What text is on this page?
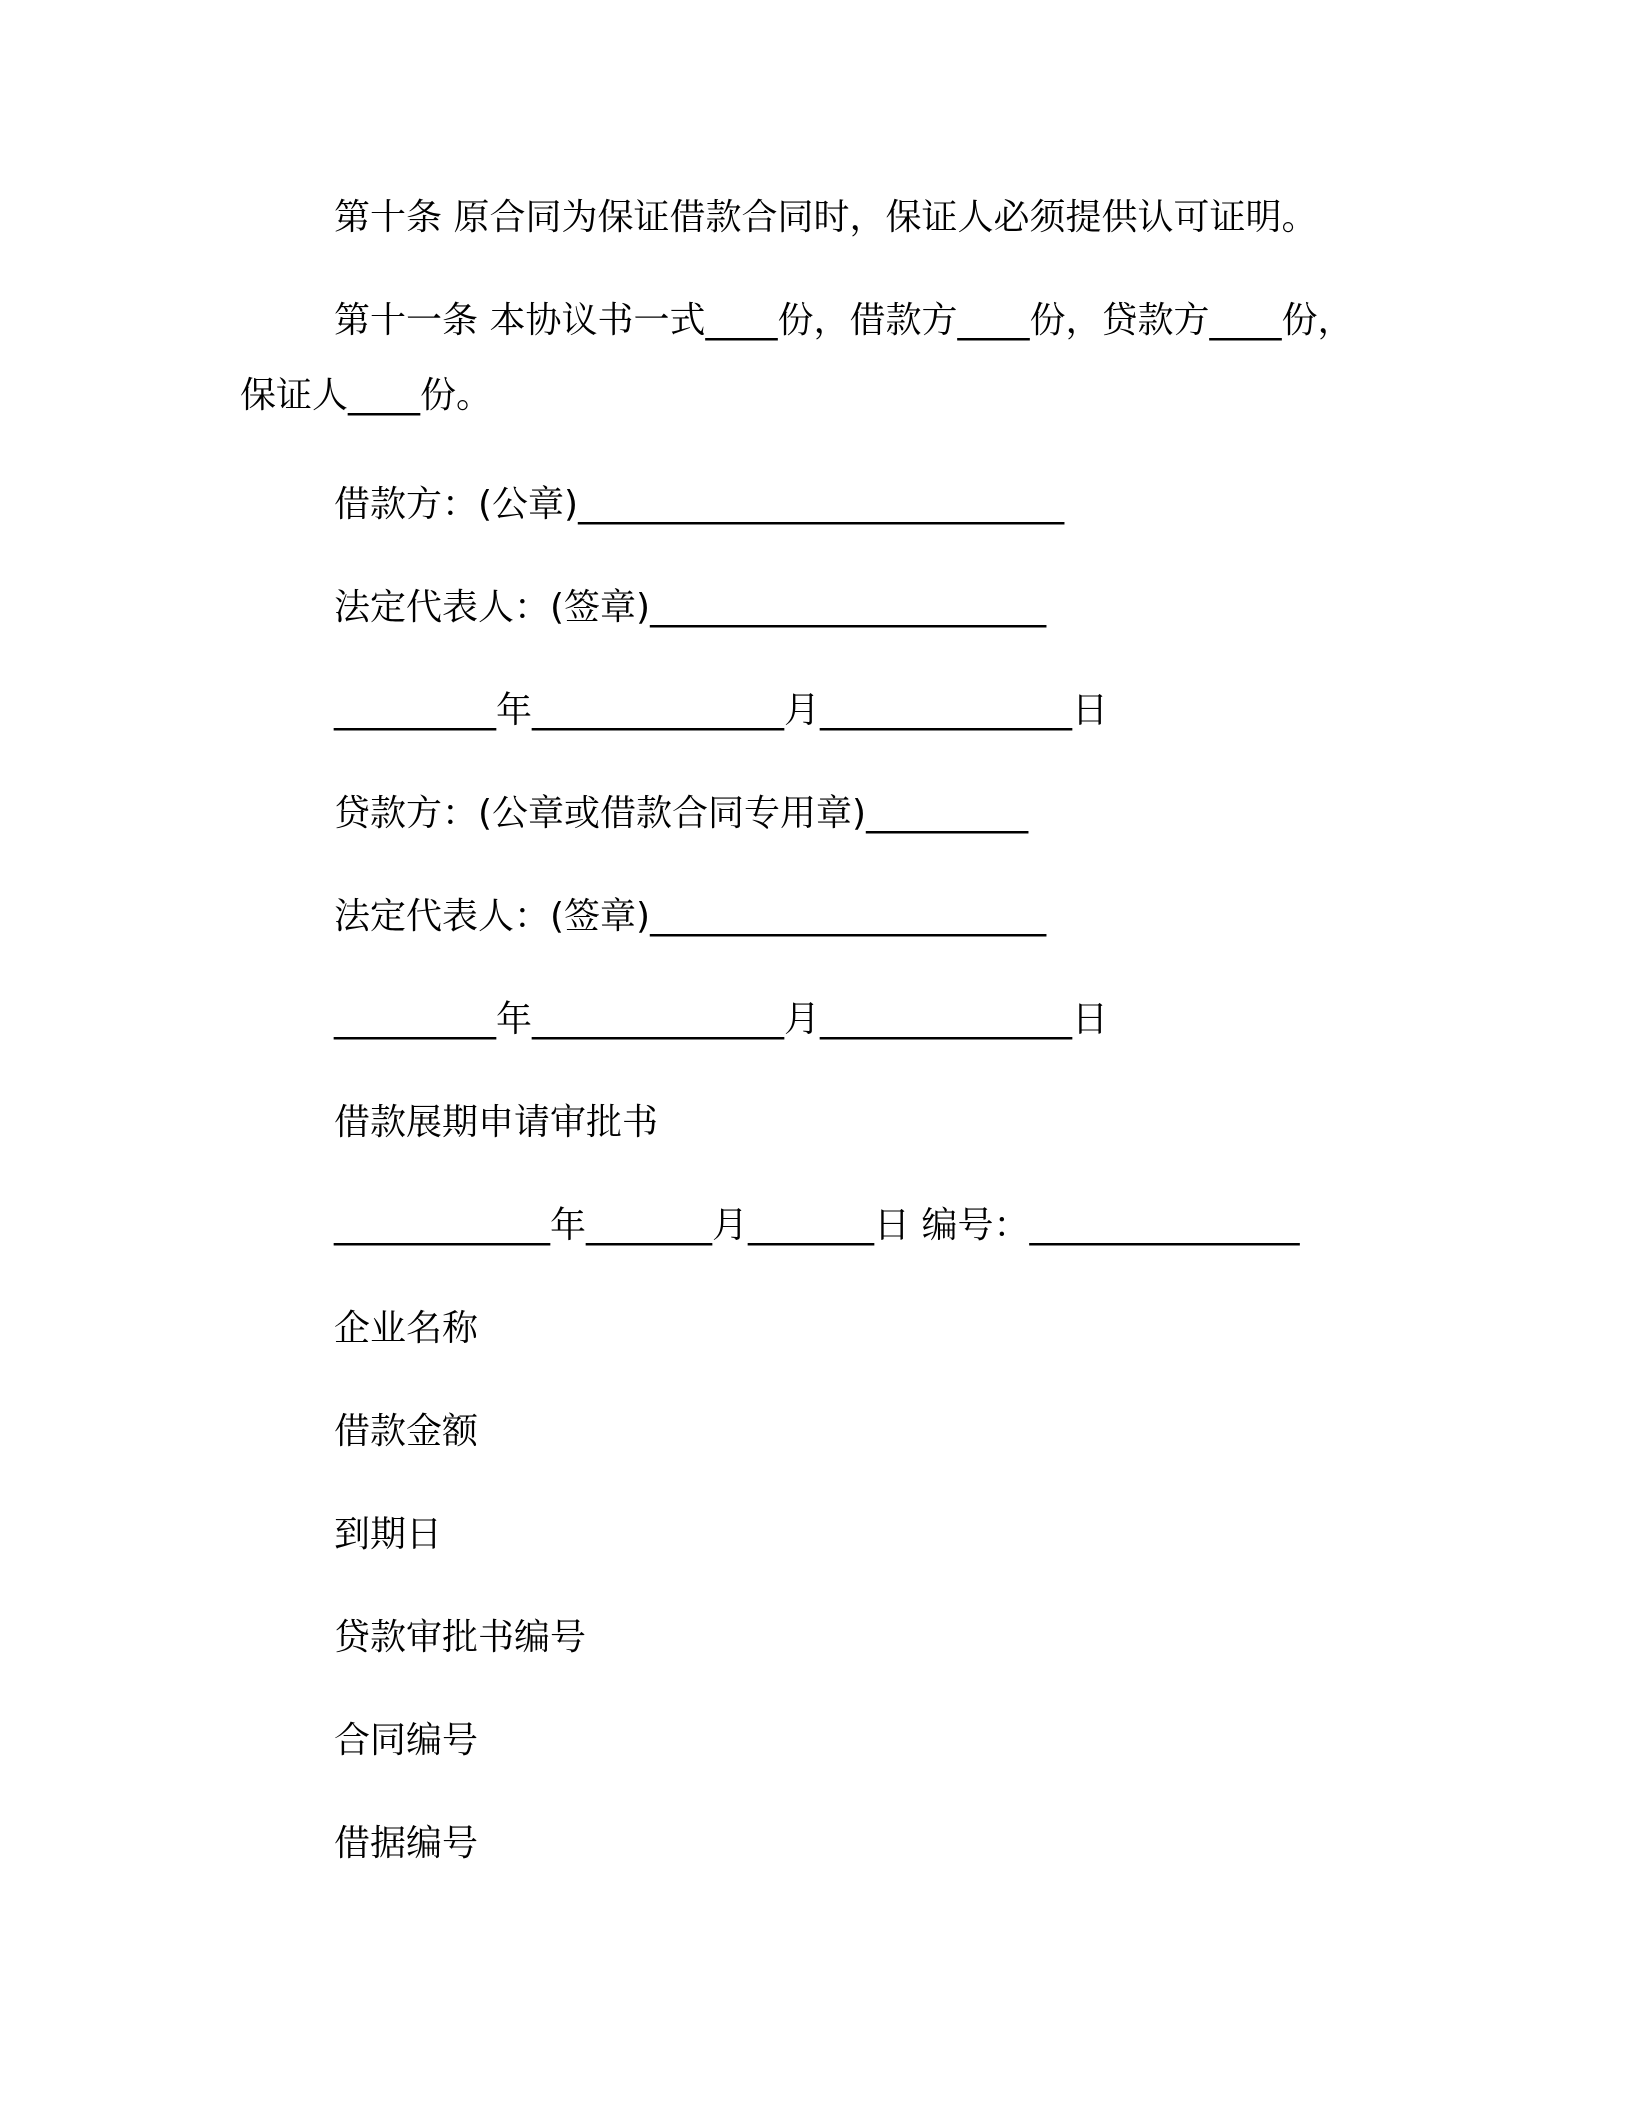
第十条 原合同为保证借款合同时，保证人必须提供认可证明。
第十一条 本协议书一式____份，借款方____份，贷款方____份，
保证人____份。
借款方：(公章)___________________________
法定代表人：(签章)______________________
_________年______________月______________日
贷款方：(公章或借款合同专用章)_________
法定代表人：(签章)______________________
_________年______________月______________日
借款展期申请审批书
____________年_______月_______日 编号：_______________
企业名称
借款金额
到期日
贷款审批书编号
合同编号
借据编号
